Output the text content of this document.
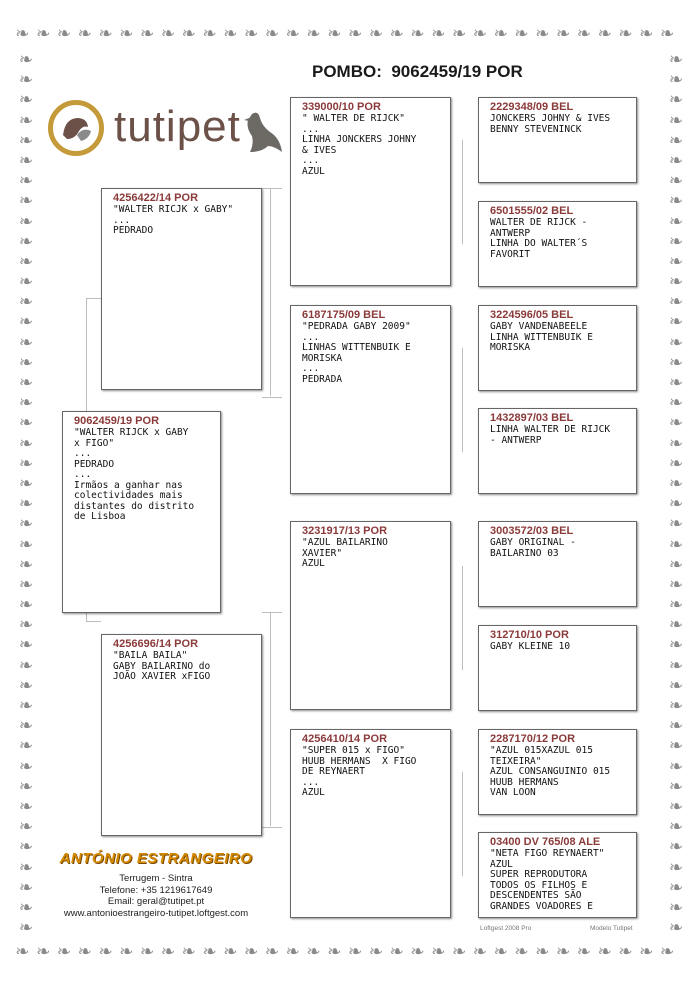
❧ ❧ ❧ ❧ ❧ ❧ ❧ ❧ ❧ ❧ ❧ ❧ ❧ ❧ ❧ ❧ ❧ ❧ ❧ ❧ ❧ ❧ ❧ ❧ ❧ ❧ ❧ ❧ ❧ ❧ ❧ ❧
❧ ❧ ❧ ❧ ❧ ❧ ❧ ❧ ❧ ❧ ❧ ❧ ❧ ❧ ❧ ❧ ❧ ❧ ❧ ❧ ❧ ❧ ❧ ❧ ❧ ❧ ❧ ❧ ❧ ❧ ❧ ❧
❧
❧
❧
❧
❧
❧
❧
❧
❧
❧
❧
❧
❧
❧
❧
❧
❧
❧
❧
❧
❧
❧
❧
❧
❧
❧
❧
❧
❧
❧
❧
❧
❧
❧
❧
❧
❧
❧
❧
❧
❧
❧
❧
❧
❧
❧
❧
❧
❧
❧
❧
❧
❧
❧
❧
❧
❧
❧
❧
❧
❧
❧
❧
❧
❧
❧
❧
❧
❧
❧
❧
❧
❧
❧
❧
❧
❧
❧
❧
❧
❧
❧
❧
❧
❧
❧
❧
❧
POMBO: 9062459/19 POR
tutipet
9062459/19 POR
"WALTER RIJCK x GABY
x FIGO"
...
PEDRADO
...
Irmãos a ganhar nas
colectividades mais
distantes do distrito
de Lisboa
4256422/14 POR
"WALTER RICJK x GABY"
...
PEDRADO
4256696/14 POR
"BAILA BAILA"
GABY BAILARINO do
JOÃO XAVIER xFIGO
339000/10 POR
" WALTER DE RIJCK"
...
LINHA JONCKERS JOHNY
& IVES
...
AZUL
6187175/09 BEL
"PEDRADA GABY 2009"
...
LINHAS WITTENBUIK E
MORISKA
...
PEDRADA
3231917/13 POR
"AZUL BAILARINO
XAVIER"
AZUL
4256410/14 POR
"SUPER 015 x FIGO"
HUUB HERMANS  X FIGO
DE REYNAERT
...
AZUL
2229348/09 BEL
JONCKERS JOHNY & IVES
BENNY STEVENINCK
6501555/02 BEL
WALTER DE RIJCK -
ANTWERP
LINHA DO WALTER´S
FAVORIT
3224596/05 BEL
GABY VANDENABEELE
LINHA WITTENBUIK E
MORISKA
1432897/03 BEL
LINHA WALTER DE RIJCK
- ANTWERP
3003572/03 BEL
GABY ORIGINAL -
BAILARINO 03
312710/10 POR
GABY KLEINE 10
2287170/12 POR
"AZUL 015XAZUL 015
TEIXEIRA"
AZUL CONSANGUINIO 015
HUUB HERMANS
VAN LOON
03400 DV 765/08 ALE
"NETA FIGO REYNAERT"
AZUL
SUPER REPRODUTORA
TODOS OS FILHOS E
DESCENDENTES SÃO
GRANDES VOADORES E
ANTÓNIO ESTRANGEIRO
Terrugem - Sintra
Telefone: +35 1219617649
Email: geral@tutipet.pt
www.antonioestrangeiro-tutipet.loftgest.com
Loftgest 2008 Pro	Modelo Tutipet
